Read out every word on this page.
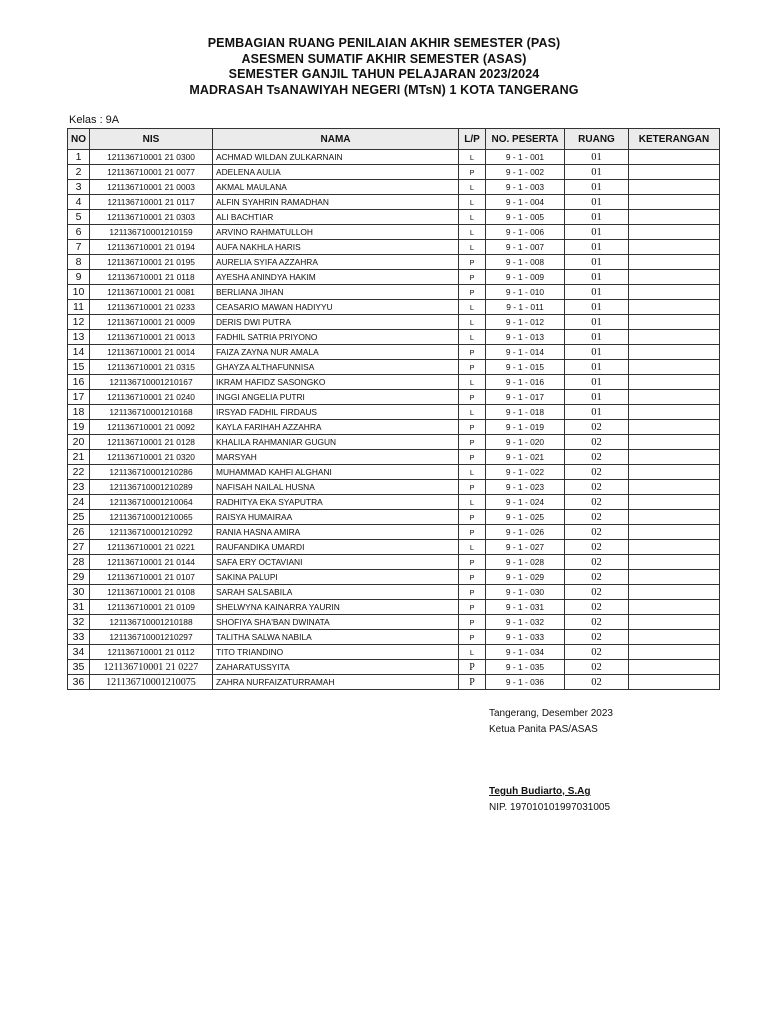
PEMBAGIAN RUANG PENILAIAN AKHIR SEMESTER (PAS)
ASESMEN SUMATIF AKHIR SEMESTER (ASAS)
SEMESTER GANJIL TAHUN PELAJARAN 2023/2024
MADRASAH TsANAWIYAH NEGERI (MTsN) 1 KOTA TANGERANG
Kelas : 9A
NO	NIS	NAMA	L/P	NO. PESERTA	RUANG	KETERANGAN
1	121136710001 21 0300	ACHMAD WILDAN ZULKARNAIN	L	9 - 1 - 001	01	
2	121136710001 21 0077	ADELENA AULIA	P	9 - 1 - 002	01	
3	121136710001 21 0003	AKMAL MAULANA	L	9 - 1 - 003	01	
4	121136710001 21 0117	ALFIN SYAHRIN RAMADHAN	L	9 - 1 - 004	01	
5	121136710001 21 0303	ALI BACHTIAR	L	9 - 1 - 005	01	
6	121136710001210159	ARVINO RAHMATULLOH	L	9 - 1 - 006	01	
7	121136710001 21 0194	AUFA NAKHLA HARIS	L	9 - 1 - 007	01	
8	121136710001 21 0195	AURELIA SYIFA AZZAHRA	P	9 - 1 - 008	01	
9	121136710001 21 0118	AYESHA ANINDYA HAKIM	P	9 - 1 - 009	01	
10	121136710001 21 0081	BERLIANA JIHAN	P	9 - 1 - 010	01	
11	121136710001 21 0233	CEASARIO MAWAN HADIYYU	L	9 - 1 - 011	01	
12	121136710001 21 0009	DERIS DWI PUTRA	L	9 - 1 - 012	01	
13	121136710001 21 0013	FADHIL SATRIA PRIYONO	L	9 - 1 - 013	01	
14	121136710001 21 0014	FAIZA ZAYNA NUR AMALA	P	9 - 1 - 014	01	
15	121136710001 21 0315	GHAYZA ALTHAFUNNISA	P	9 - 1 - 015	01	
16	121136710001210167	IKRAM HAFIDZ SASONGKO	L	9 - 1 - 016	01	
17	121136710001 21 0240	INGGI ANGELIA PUTRI	P	9 - 1 - 017	01	
18	121136710001210168	IRSYAD FADHIL FIRDAUS	L	9 - 1 - 018	01	
19	121136710001 21 0092	KAYLA FARIHAH AZZAHRA	P	9 - 1 - 019	02	
20	121136710001 21 0128	KHALILA RAHMANIAR GUGUN	P	9 - 1 - 020	02	
21	121136710001 21 0320	MARSYAH	P	9 - 1 - 021	02	
22	121136710001210286	MUHAMMAD KAHFI ALGHANI	L	9 - 1 - 022	02	
23	121136710001210289	NAFISAH NAILAL HUSNA	P	9 - 1 - 023	02	
24	121136710001210064	RADHITYA EKA SYAPUTRA	L	9 - 1 - 024	02	
25	121136710001210065	RAISYA HUMAIRAA	P	9 - 1 - 025	02	
26	121136710001210292	RANIA HASNA AMIRA	P	9 - 1 - 026	02	
27	121136710001 21 0221	RAUFANDIKA UMARDI	L	9 - 1 - 027	02	
28	121136710001 21 0144	SAFA ERY OCTAVIANI	P	9 - 1 - 028	02	
29	121136710001 21 0107	SAKINA PALUPI	P	9 - 1 - 029	02	
30	121136710001 21 0108	SARAH SALSABILA	P	9 - 1 - 030	02	
31	121136710001 21 0109	SHELWYNA KAINARRA YAURIN	P	9 - 1 - 031	02	
32	121136710001210188	SHOFIYA SHA'BAN DWINATA	P	9 - 1 - 032	02	
33	121136710001210297	TALITHA SALWA NABILA	P	9 - 1 - 033	02	
34	121136710001 21 0112	TITO TRIANDINO	L	9 - 1 - 034	02	
35	121136710001 21 0227	ZAHARATUSSYITA	P	9 - 1 - 035	02	
36	121136710001210075	ZAHRA NURFAIZATURRAMAH	P	9 - 1 - 036	02	
Tangerang, Desember 2023
Ketua Panita PAS/ASAS
Teguh Budiarto, S.Ag
NIP. 197010101997031005
